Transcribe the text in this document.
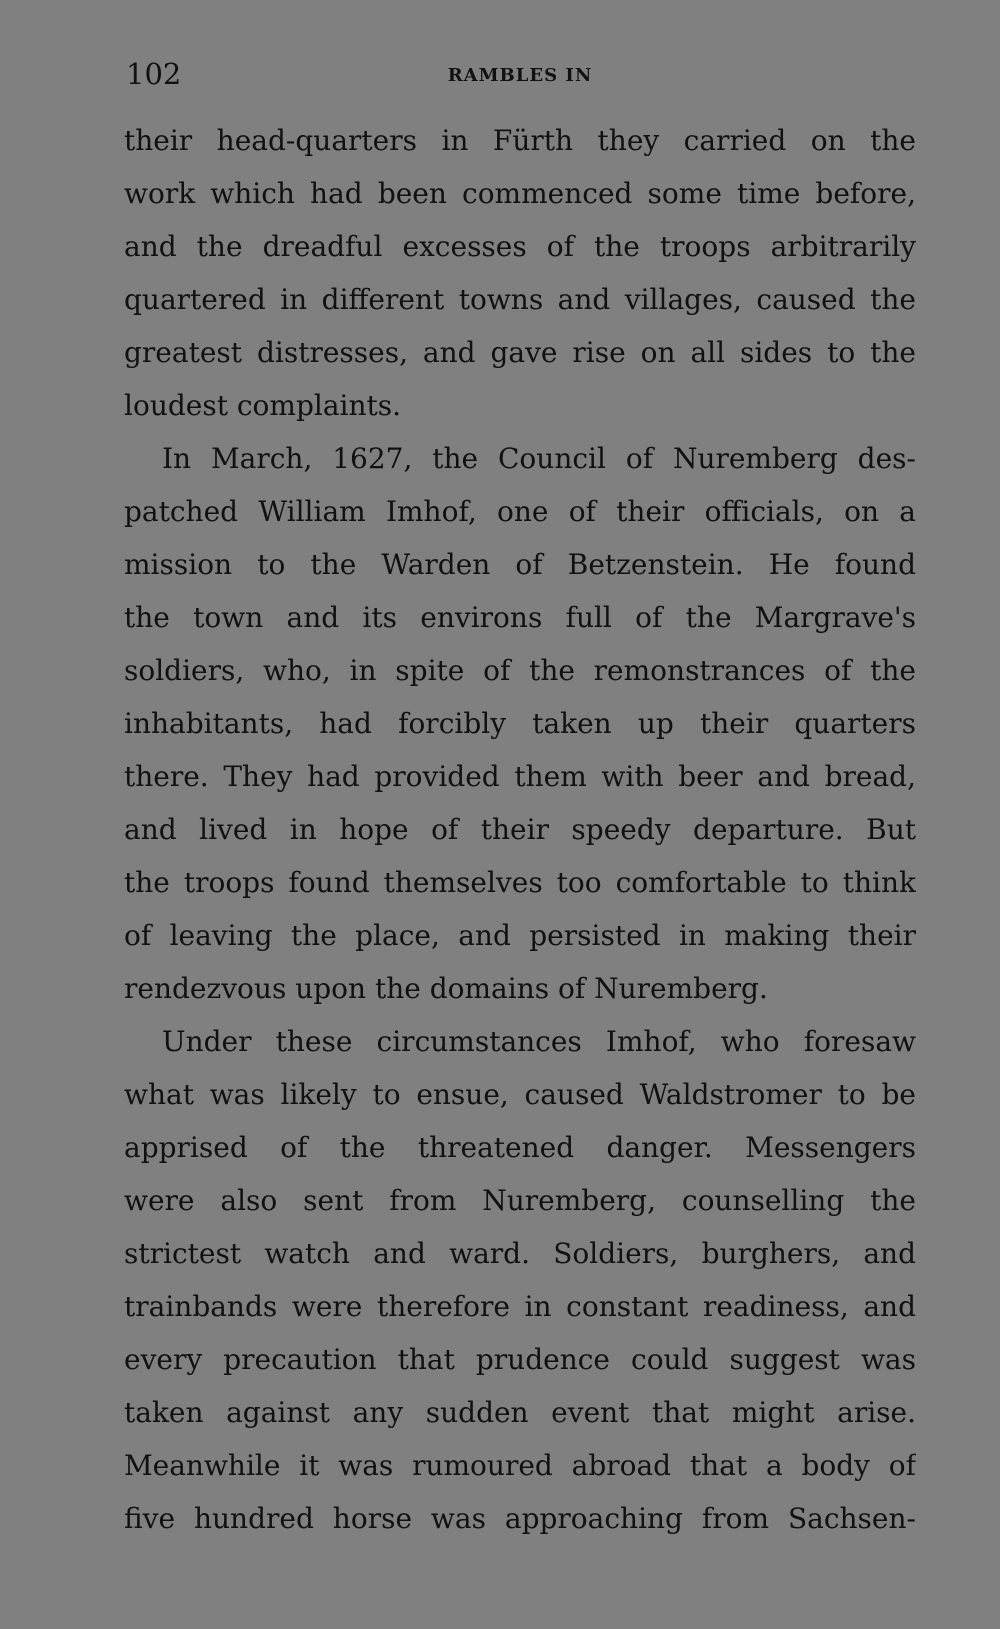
102	RAMBLES IN
their head-quarters in Fürth they carried on the
work which had been commenced some time before,
and the dreadful excesses of the troops arbitrarily
quartered in different towns and villages, caused the
greatest distresses, and gave rise on all sides to the
loudest complaints.
In March, 1627, the Council of Nuremberg des-
patched William Imhof, one of their officials, on a
mission to the Warden of Betzenstein. He found
the town and its environs full of the Margrave's
soldiers, who, in spite of the remonstrances of the
inhabitants, had forcibly taken up their quarters
there. They had provided them with beer and bread,
and lived in hope of their speedy departure. But
the troops found themselves too comfortable to think
of leaving the place, and persisted in making their
rendezvous upon the domains of Nuremberg.
Under these circumstances Imhof, who foresaw
what was likely to ensue, caused Waldstromer to be
apprised of the threatened danger. Messengers
were also sent from Nuremberg, counselling the
strictest watch and ward. Soldiers, burghers, and
trainbands were therefore in constant readiness, and
every precaution that prudence could suggest was
taken against any sudden event that might arise.
Meanwhile it was rumoured abroad that a body of
five hundred horse was approaching from Sachsen-
